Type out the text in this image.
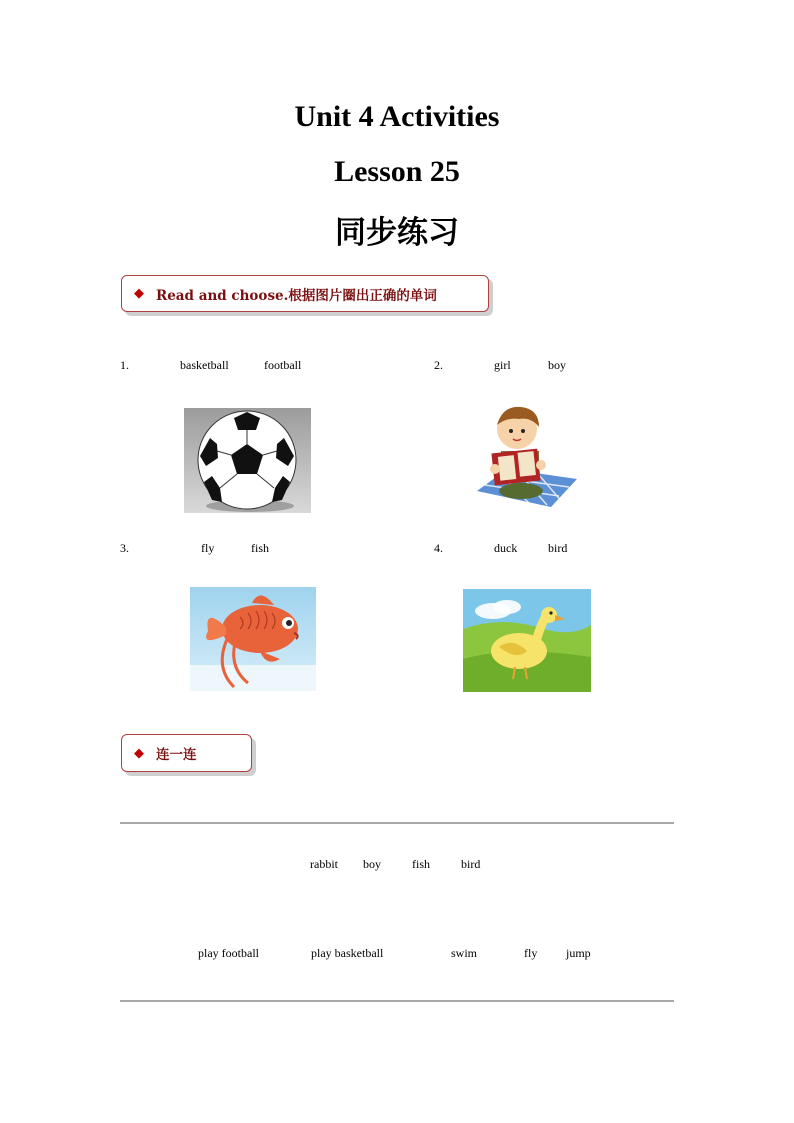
Unit 4 Activities
Lesson 25
同步练习
◆ Read and choose.根据图片圈出正确的单词
1.	basketball	football	2.	girl	boy
3.	fly	fish	4.	duck	bird
◆ 连一连
rabbit boy	fish	bird
play football	play basketball	swim	fly jump
